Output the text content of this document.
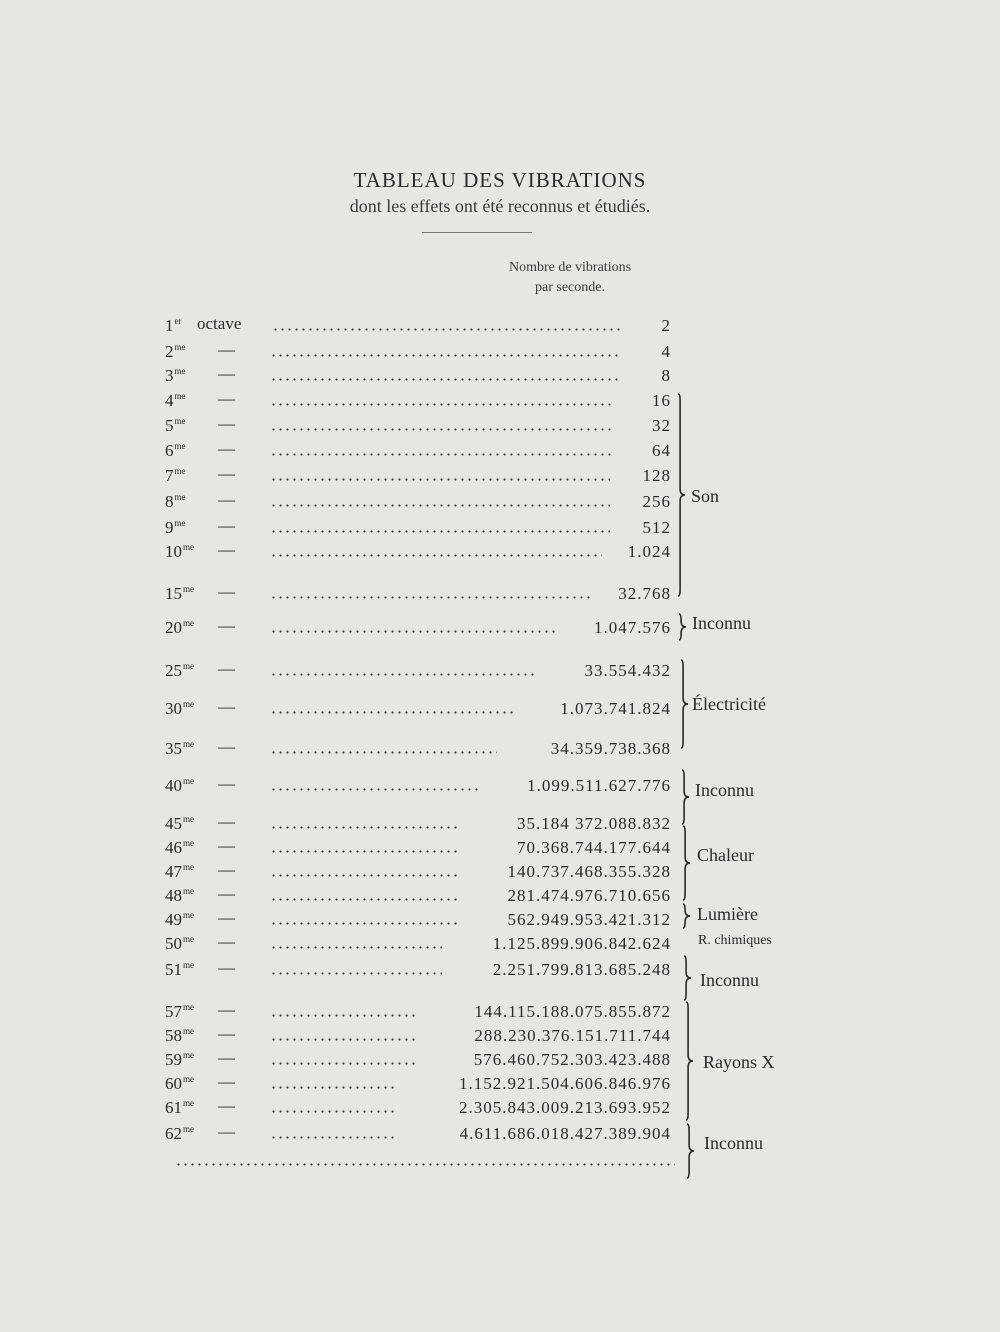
TABLEAU DES VIBRATIONS
dont les effets ont été reconnus et étudiés.
Nombre de vibrations
par seconde.
1er octave	2
$2^{me}$ —	4
$3^{me}$ —	8
$4^{me}$ —	16
$5^{me}$ —	32
$6^{me}$ —	64
$7^{me}$ —	128
$8^{me}$ —	256
$9^{me}$ —	512
$10^{me}$ —	1.024
$15^{me}$ —	32.768
$20^{me}$ —	1.047.576
$25^{me}$ —	33.554.432
$30^{me}$ —	1.073.741.824
$35^{me}$ —	34.359.738.368
$40^{me}$ —	1.099.511.627.776
$45^{me}$ —	35.184 372.088.832
$46^{me}$ —	70.368.744.177.644
$47^{me}$ —	140.737.468.355.328
$48^{me}$ —	281.474.976.710.656
$49^{me}$ —	562.949.953.421.312
$50^{me}$ —	1.125.899.906.842.624
$51^{me}$ —	2.251.799.813.685.248
$57^{me}$ —	144.115.188.075.855.872
$58^{me}$ —	288.230.376.151.711.744
$59^{me}$ —	576.460.752.303.423.488
$60^{me}$ —	1.152.921.504.606.846.976
$61^{me}$ —	2.305.843.009.213.693.952
$62^{me}$ —	4.611.686.018.427.389.904
Son
Inconnu
Électricité
Inconnu
Chaleur
Lumière
R. chimiques
Inconnu
Rayons X
Inconnu
